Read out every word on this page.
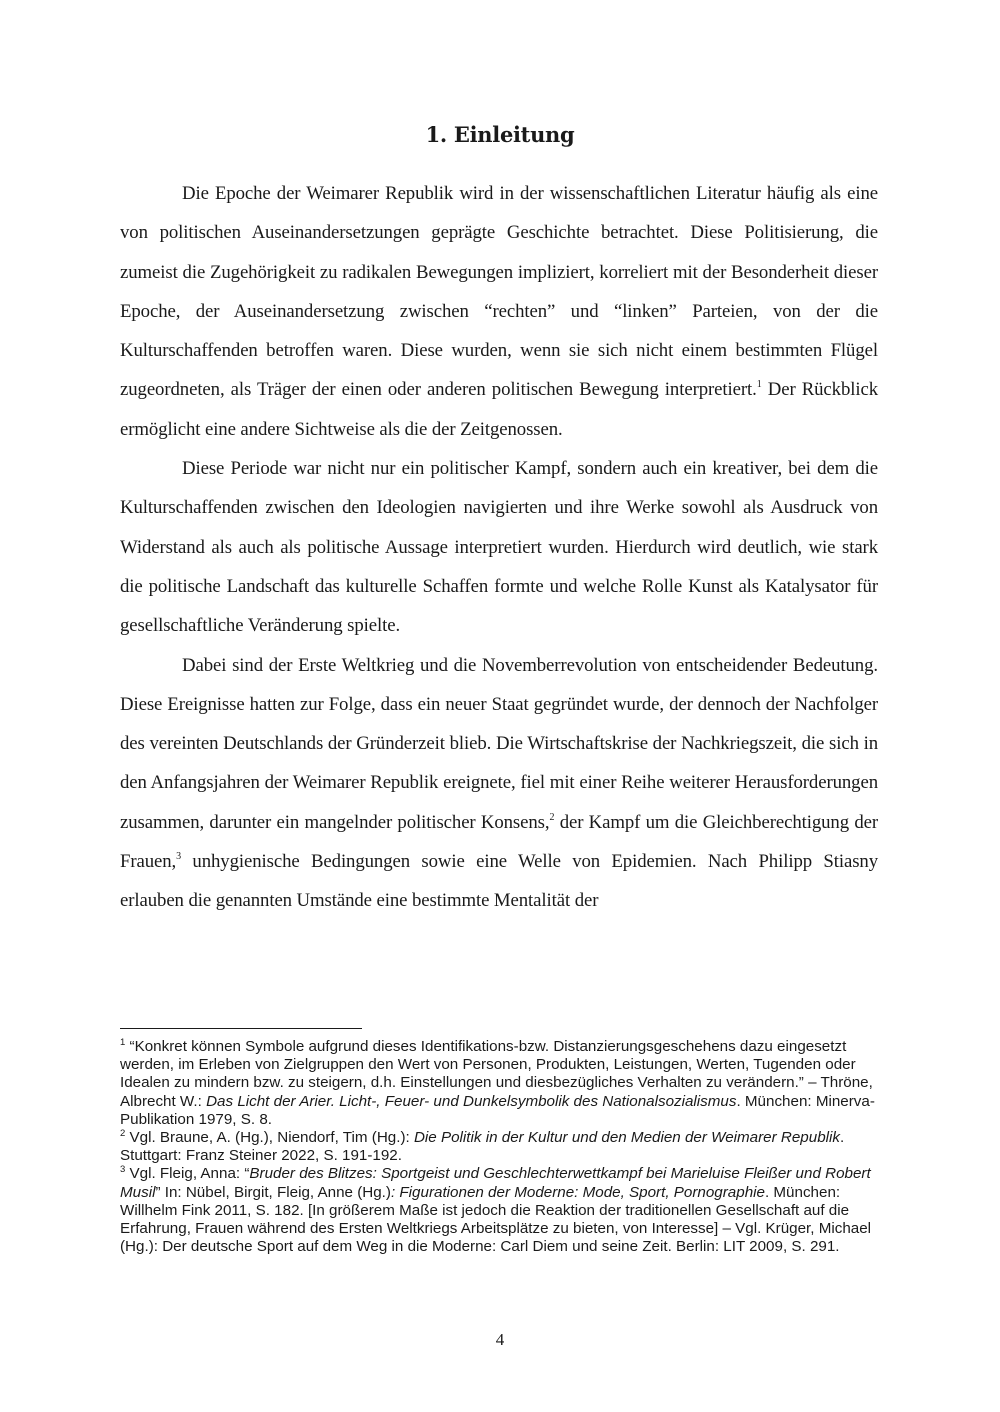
1. Einleitung

Die Epoche der Weimarer Republik wird in der wissenschaftlichen Literatur häufig als eine von politischen Auseinandersetzungen geprägte Geschichte betrachtet. Diese Politisierung, die zumeist die Zugehörigkeit zu radikalen Bewegungen impliziert, korreliert mit der Besonderheit dieser Epoche, der Auseinandersetzung zwischen “rechten” und “linken” Parteien, von der die Kulturschaffenden betroffen waren. Diese wurden, wenn sie sich nicht einem bestimmten Flügel zugeordneten, als Träger der einen oder anderen politischen Bewegung interpretiert.$^1$ Der Rückblick ermöglicht eine andere Sichtweise als die der Zeitgenossen.

Diese Periode war nicht nur ein politischer Kampf, sondern auch ein kreativer, bei dem die Kulturschaffenden zwischen den Ideologien navigierten und ihre Werke sowohl als Ausdruck von Widerstand als auch als politische Aussage interpretiert wurden. Hierdurch wird deutlich, wie stark die politische Landschaft das kulturelle Schaffen formte und welche Rolle Kunst als Katalysator für gesellschaftliche Veränderung spielte.

Dabei sind der Erste Weltkrieg und die Novemberrevolution von entscheidender Bedeutung. Diese Ereignisse hatten zur Folge, dass ein neuer Staat gegründet wurde, der dennoch der Nachfolger des vereinten Deutschlands der Gründerzeit blieb. Die Wirtschaftskrise der Nachkriegszeit, die sich in den Anfangsjahren der Weimarer Republik ereignete, fiel mit einer Reihe weiterer Herausforderungen zusammen, darunter ein mangelnder politischer Konsens,$^2$ der Kampf um die Gleichberechtigung der Frauen,$^3$ unhygienische Bedingungen sowie eine Welle von Epidemien. Nach Philipp Stiasny erlauben die genannten Umstände eine bestimmte Mentalität der

$^1$ “Konkret können Symbole aufgrund dieses Identifikations-bzw. Distanzierungsgeschehens dazu eingesetzt werden, im Erleben von Zielgruppen den Wert von Personen, Produkten, Leistungen, Werten, Tugenden oder Idealen zu mindern bzw. zu steigern, d.h. Einstellungen und diesbezügliches Verhalten zu verändern.” – Thröne, Albrecht W.: Das Licht der Arier. Licht-, Feuer- und Dunkelsymbolik des Nationalsozialismus. München: Minerva-Publikation 1979, S. 8.

$^2$ Vgl. Braune, A. (Hg.), Niendorf, Tim (Hg.): Die Politik in der Kultur und den Medien der Weimarer Republik. Stuttgart: Franz Steiner 2022, S. 191-192.

$^3$ Vgl. Fleig, Anna: “Bruder des Blitzes: Sportgeist und Geschlechterwettkampf bei Marieluise Fleißer und Robert Musil” In: Nübel, Birgit, Fleig, Anne (Hg.): Figurationen der Moderne: Mode, Sport, Pornographie. München: Willhelm Fink 2011, S. 182. [In größerem Maße ist jedoch die Reaktion der traditionellen Gesellschaft auf die Erfahrung, Frauen während des Ersten Weltkriegs Arbeitsplätze zu bieten, von Interesse] – Vgl. Krüger, Michael (Hg.): Der deutsche Sport auf dem Weg in die Moderne: Carl Diem und seine Zeit. Berlin: LIT 2009, S. 291.

4
